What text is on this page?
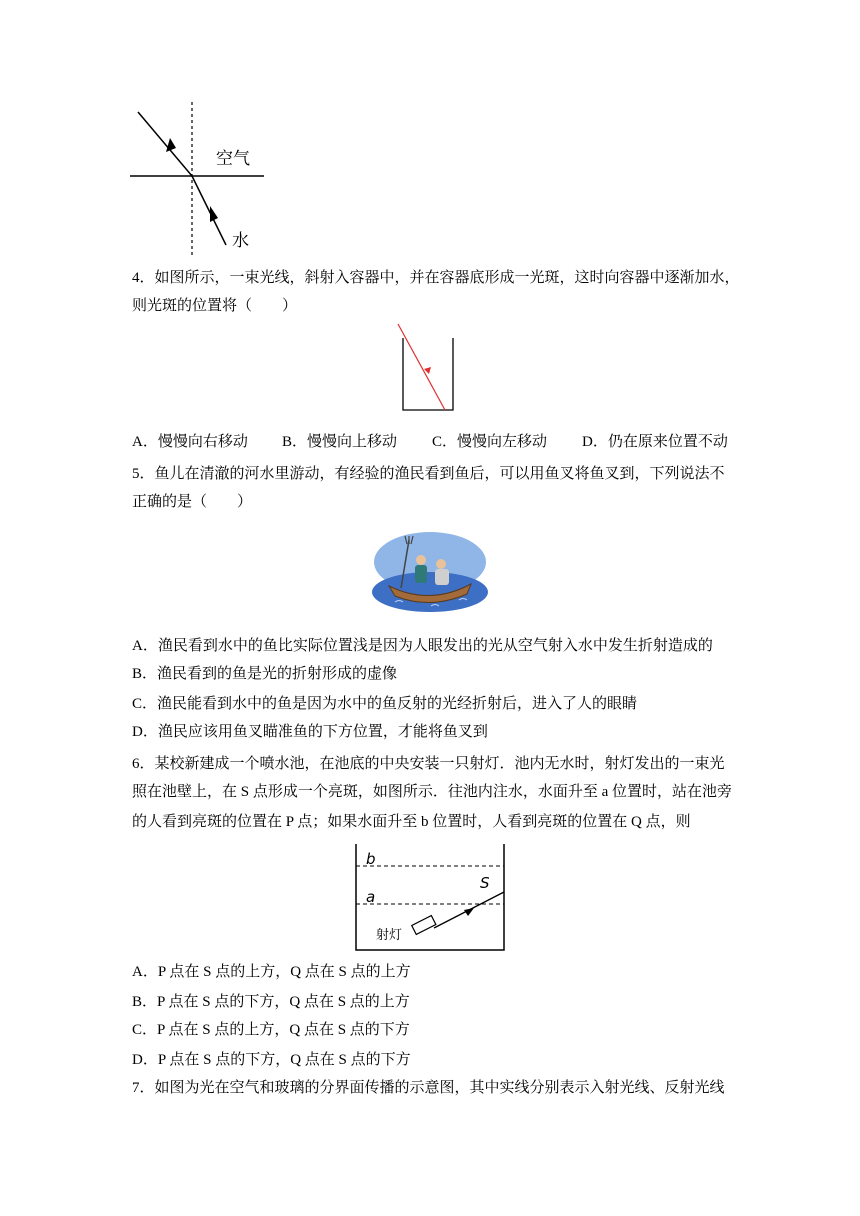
空气
水
4．如图所示，一束光线，斜射入容器中，并在容器底形成一光斑，这时向容器中逐渐加水，
则光斑的位置将（　　）
A．慢慢向右移动 B．慢慢向上移动 C．慢慢向左移动 D．仍在原来位置不动
5．鱼儿在清澈的河水里游动，有经验的渔民看到鱼后，可以用鱼叉将鱼叉到，下列说法不
正确的是（　　）
A．渔民看到水中的鱼比实际位置浅是因为人眼发出的光从空气射入水中发生折射造成的
B．渔民看到的鱼是光的折射形成的虚像
C．渔民能看到水中的鱼是因为水中的鱼反射的光经折射后，进入了人的眼睛
D．渔民应该用鱼叉瞄准鱼的下方位置，才能将鱼叉到
6．某校新建成一个喷水池，在池底的中央安装一只射灯．池内无水时，射灯发出的一束光
照在池壁上，在 S 点形成一个亮斑，如图所示．往池内注水，水面升至 a 位置时，站在池旁
的人看到亮斑的位置在 P 点；如果水面升至 b 位置时，人看到亮斑的位置在 Q 点，则
b
a
S
射灯
A．P 点在 S 点的上方，Q 点在 S 点的上方
B．P 点在 S 点的下方，Q 点在 S 点的上方
C．P 点在 S 点的上方，Q 点在 S 点的下方
D．P 点在 S 点的下方，Q 点在 S 点的下方
7．如图为光在空气和玻璃的分界面传播的示意图，其中实线分别表示入射光线、反射光线
